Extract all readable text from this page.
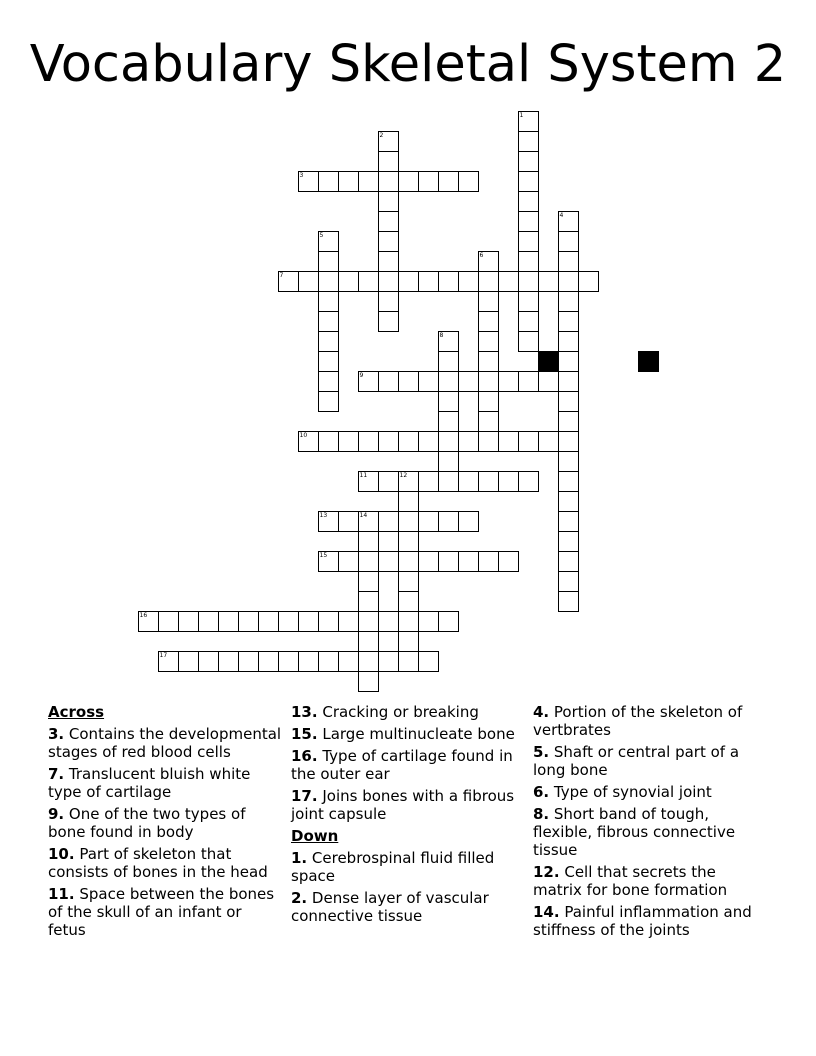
Vocabulary Skeletal System 2
1
2
3
4
5
6
7
8
9
10
11	12
13	14
15
16
17
Across
3. Contains the developmental stages of red blood cells
7. Translucent bluish white type of cartilage
9. One of the two types of bone found in body
10. Part of skeleton that consists of bones in the head
11. Space between the bones of the skull of an infant or fetus
13. Cracking or breaking
15. Large multinucleate bone
16. Type of cartilage found in the outer ear
17. Joins bones with a fibrous joint capsule
Down
1. Cerebrospinal fluid filled space
2. Dense layer of vascular connective tissue
4. Portion of the skeleton of vertbrates
5. Shaft or central part of a long bone
6. Type of synovial joint
8. Short band of tough, flexible, fibrous connective tissue
12. Cell that secrets the matrix for bone formation
14. Painful inflammation and stiffness of the joints
